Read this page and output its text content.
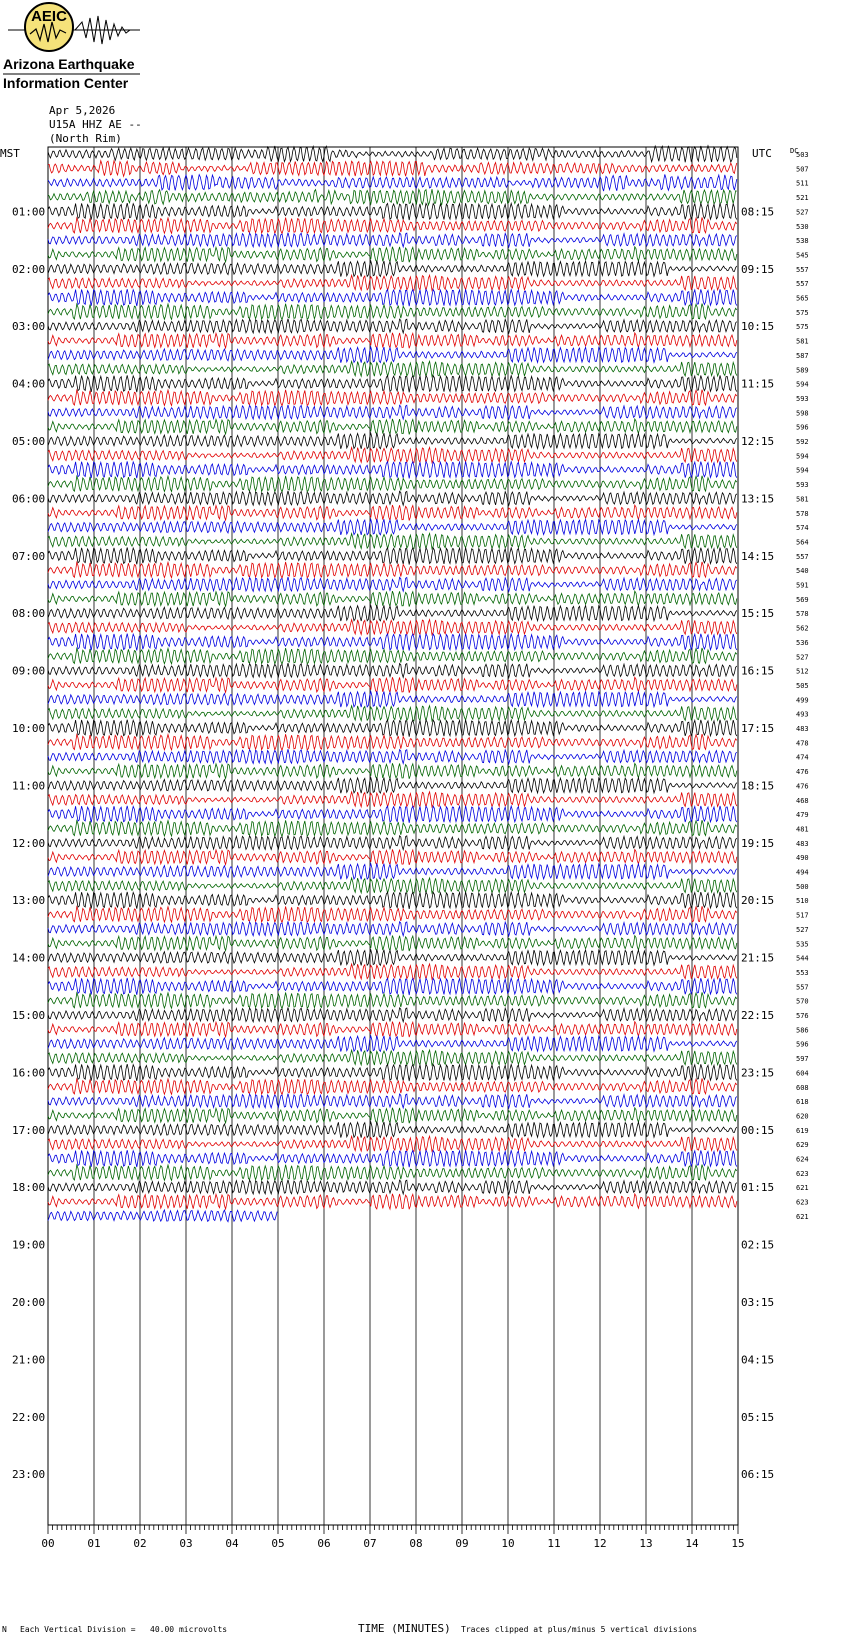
AEIC
Arizona Earthquake
Information Center
Apr 5,2026
U15A HHZ AE --
(North Rim)
00	01	02	03	04	05	06	07	08	09	10	11	12	13	14	15
MST	UTC	DC
01:00
02:00
03:00
04:00
05:00
06:00
07:00
08:00
09:00
10:00
11:00
12:00
13:00
14:00
15:00
16:00
17:00
18:00
19:00
20:00
21:00
22:00
23:00
08:15
09:15
10:15
11:15
12:15
13:15
14:15
15:15
16:15
17:15
18:15
19:15
20:15
21:15
22:15
23:15
00:15
01:15
02:15
03:15
04:15
05:15
06:15
503
507
511
521
527
530
538
545
557
557
565
575
575
581
587
589
594
593
598
596
592
594
594
593
581
578
574
564
557
540
591
569
578
562
536
527
512
505
499
493
483
478
474
476
476
468
479
481
483
490
494
500
510
517
527
535
544
553
557
570
576
586
596
597
604
608
618
620
619
629
624
623
621
623
621
N Each Vertical Division =   40.00 microvolts	TIME (MINUTES) Traces clipped at plus/minus 5 vertical divisions
